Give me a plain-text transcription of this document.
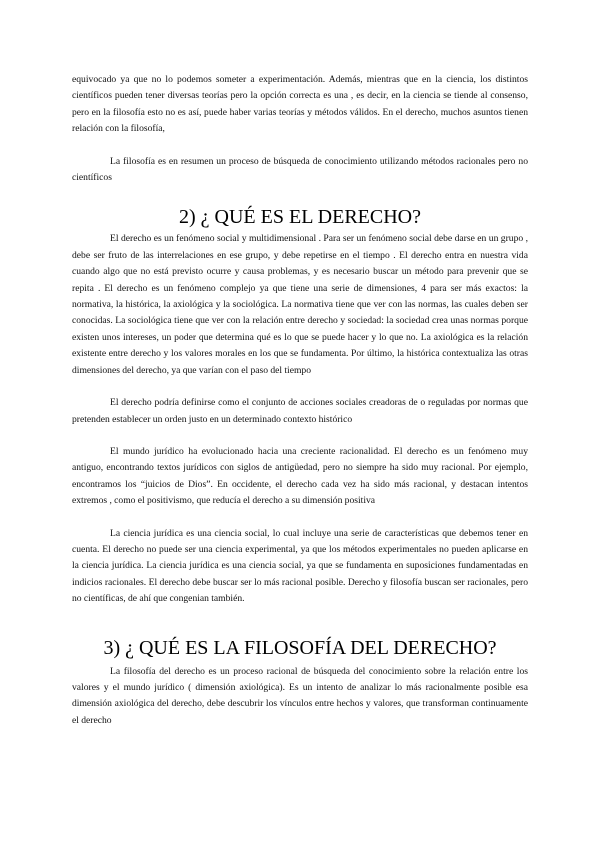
equivocado ya que no lo podemos someter a experimentación. Además, mientras que en la ciencia, los distintos científicos pueden tener diversas teorías pero la opción correcta es una , es decir, en la ciencia se tiende al consenso, pero en la filosofía esto no es así, puede haber varias teorías y métodos válidos. En el derecho, muchos asuntos tienen relación con la filosofía,

La filosofía es en resumen un proceso de búsqueda de conocimiento utilizando métodos racionales pero no científicos

2) ¿ QUÉ ES EL DERECHO?

El derecho es un fenómeno social y multidimensional . Para ser un fenómeno social debe darse en un grupo , debe ser fruto de las interrelaciones en ese grupo, y debe repetirse en el tiempo . El derecho entra en nuestra vida cuando algo que no está previsto ocurre y causa problemas, y es necesario buscar un método para prevenir que se repita . El derecho es un fenómeno complejo ya que tiene una serie de dimensiones, 4 para ser más exactos: la normativa, la histórica, la axiológica y la sociológica. La normativa tiene que ver con las normas, las cuales deben ser conocidas. La sociológica tiene que ver con la relación entre derecho y sociedad: la sociedad crea unas normas porque existen unos intereses, un poder que determina qué es lo que se puede hacer y lo que no. La axiológica es la relación existente entre derecho y los valores morales en los que se fundamenta. Por último, la histórica contextualiza las otras dimensiones del derecho, ya que varían con el paso del tiempo

El derecho podría definirse como el conjunto de acciones sociales creadoras de o reguladas por normas que pretenden establecer un orden justo en un determinado contexto histórico

El mundo jurídico ha evolucionado hacia una creciente racionalidad. El derecho es un fenómeno muy antiguo, encontrando textos jurídicos con siglos de antigüedad, pero no siempre ha sido muy racional. Por ejemplo, encontramos los “juicios de Dios”. En occidente, el derecho cada vez ha sido más racional, y destacan intentos extremos , como el positivismo, que reducía el derecho a su dimensión positiva

La ciencia jurídica es una ciencia social, lo cual incluye una serie de características que debemos tener en cuenta. El derecho no puede ser una ciencia experimental, ya que los métodos experimentales no pueden aplicarse en la ciencia jurídica. La ciencia jurídica es una ciencia social, ya que se fundamenta en suposiciones fundamentadas en indicios racionales. El derecho debe buscar ser lo más racional posible. Derecho y filosofía buscan ser racionales, pero no científicas, de ahí que congenian también.

3) ¿ QUÉ ES LA FILOSOFÍA DEL DERECHO?

La filosofía del derecho es un proceso racional de búsqueda del conocimiento sobre la relación entre los valores y el mundo jurídico ( dimensión axiológica). Es un intento de analizar lo más racionalmente posible esa dimensión axiológica del derecho, debe descubrir los vínculos entre hechos y valores, que transforman continuamente el derecho
